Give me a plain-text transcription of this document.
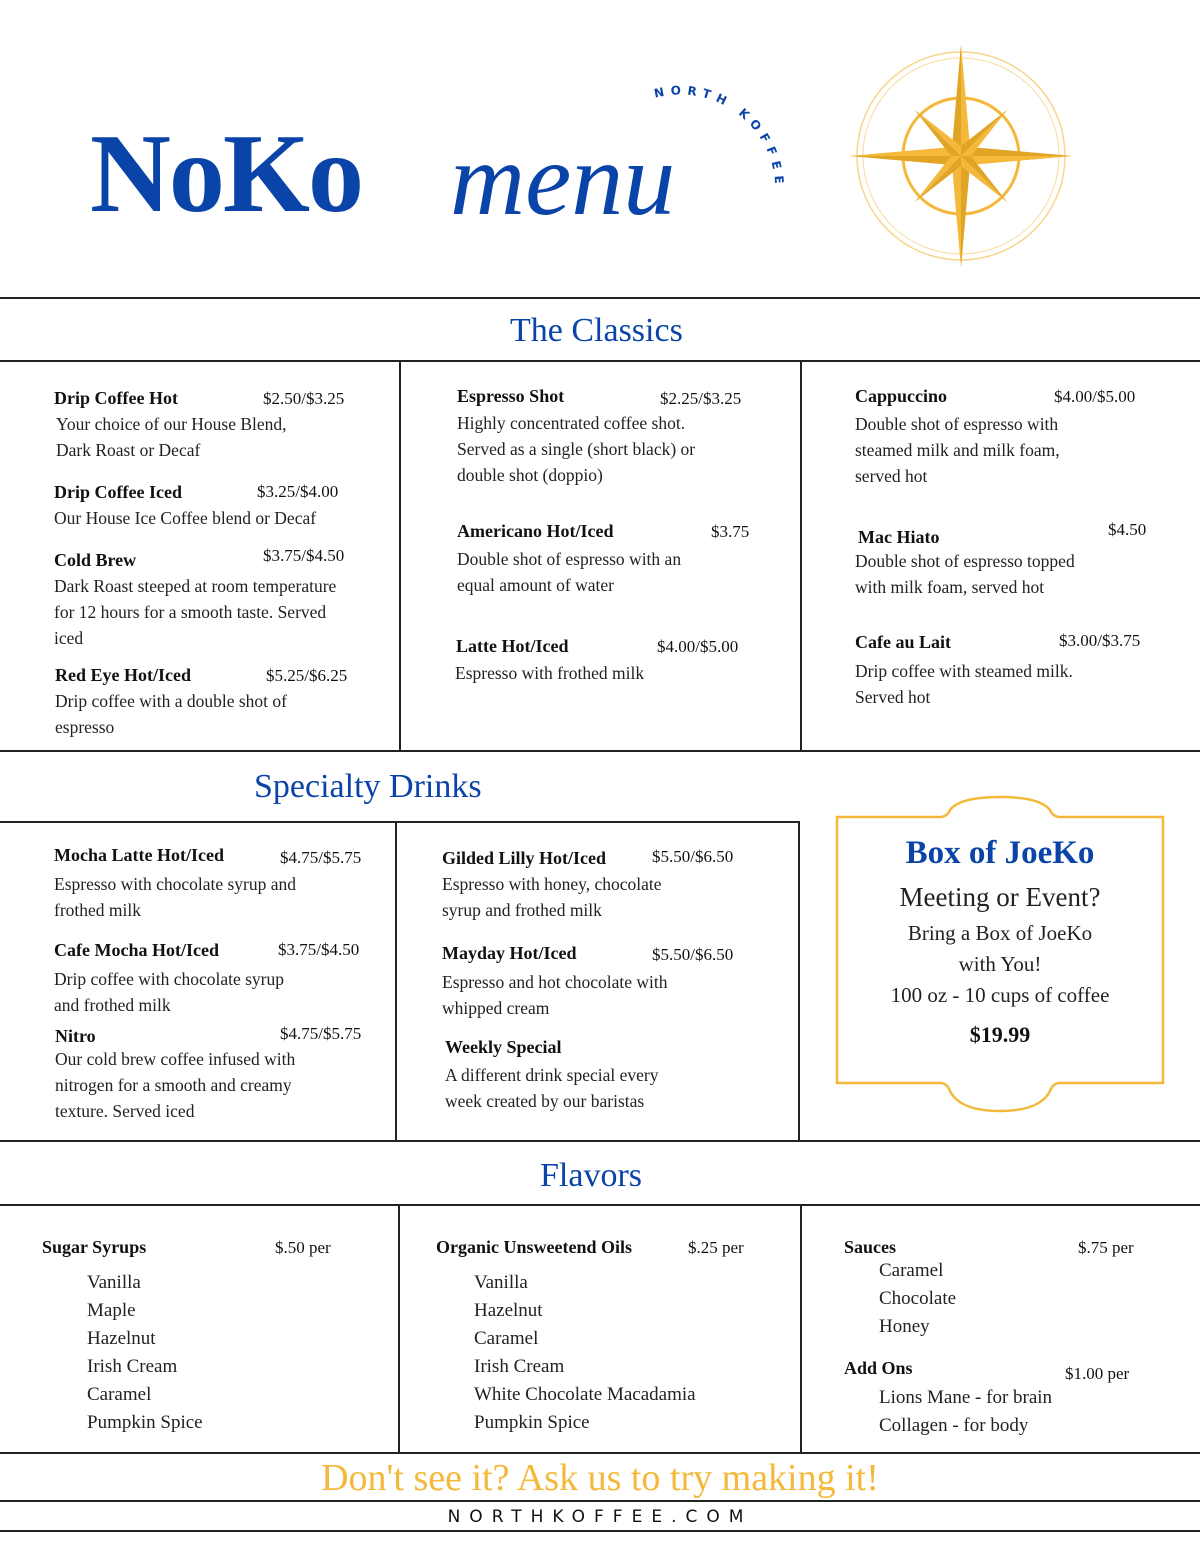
NoKo menu
NORTH KOFFEE
The Classics
Drip Coffee Hot	$2.50/$3.25
Your choice of our House Blend,
Dark Roast or Decaf
Drip Coffee Iced	$3.25/$4.00
Our House Ice Coffee blend or Decaf
Cold Brew	$3.75/$4.50
Dark Roast steeped at room temperature
for 12 hours for a smooth taste. Served
iced
Red Eye Hot/Iced	$5.25/$6.25
Drip coffee with a double shot of
espresso
Espresso Shot	$2.25/$3.25
Highly concentrated coffee shot.
Served as a single (short black) or
double shot (doppio)
Americano Hot/Iced	$3.75
Double shot of espresso with an
equal amount of water
Latte Hot/Iced	$4.00/$5.00
Espresso with frothed milk
Cappuccino	$4.00/$5.00
Double shot of espresso with
steamed milk and milk foam,
served hot
Mac Hiato	$4.50
Double shot of espresso topped
with milk foam, served hot
Cafe au Lait	$3.00/$3.75
Drip coffee with steamed milk.
Served hot
Specialty Drinks
Mocha Latte Hot/Iced	$4.75/$5.75
Espresso with chocolate syrup and
frothed milk
Cafe Mocha Hot/Iced	$3.75/$4.50
Drip coffee with chocolate syrup
and frothed milk
Nitro	$4.75/$5.75
Our cold brew coffee infused with
nitrogen for a smooth and creamy
texture. Served iced
Gilded Lilly Hot/Iced	$5.50/$6.50
Espresso with honey, chocolate
syrup and frothed milk
Mayday Hot/Iced	$5.50/$6.50
Espresso and hot chocolate with
whipped cream
Weekly Special
A different drink special every
week created by our baristas
Box of JoeKo
Meeting or Event?
Bring a Box of JoeKo
with You!
100 oz - 10 cups of coffee
$19.99
Flavors
Sugar Syrups	$.50 per
Vanilla
Maple
Hazelnut
Irish Cream
Caramel
Pumpkin Spice
Organic Unsweetend Oils	$.25 per
Vanilla
Hazelnut
Caramel
Irish Cream
White Chocolate Macadamia
Pumpkin Spice
Sauces	$.75 per
Caramel
Chocolate
Honey
Add Ons	$1.00 per
Lions Mane - for brain
Collagen - for body
Don't see it? Ask us to try making it!
NORTHKOFFEE.COM
